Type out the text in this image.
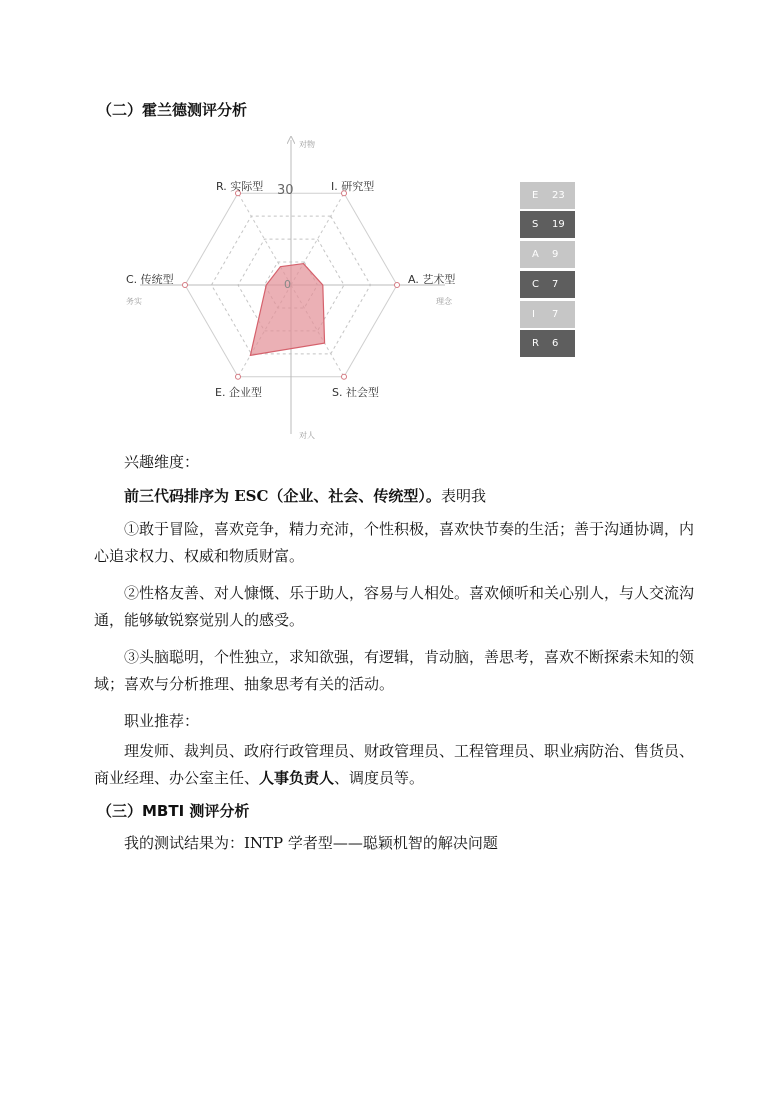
（二）霍兰德测评分析
30
0
R. 实际型	I. 研究型
A. 艺术型
C. 传统型
E. 企业型	S. 社会型
对物
对人
务实	理念
E 23
S 19
A 9
C 7
I 7
R 6
兴趣维度：
前三代码排序为 ESC（企业、社会、传统型）。表明我
①敢于冒险，喜欢竞争，精力充沛，个性积极，喜欢快节奏的生活；善于沟通协调，内心追求权力、权威和物质财富。
②性格友善、对人慷慨、乐于助人，容易与人相处。喜欢倾听和关心别人，与人交流沟通，能够敏锐察觉别人的感受。
③头脑聪明，个性独立，求知欲强，有逻辑，肯动脑，善思考，喜欢不断探索未知的领域；喜欢与分析推理、抽象思考有关的活动。
职业推荐：
理发师、裁判员、政府行政管理员、财政管理员、工程管理员、职业病防治、售货员、商业经理、办公室主任、人事负责人、调度员等。
（三）MBTI 测评分析
我的测试结果为：INTP 学者型——聪颖机智的解决问题
